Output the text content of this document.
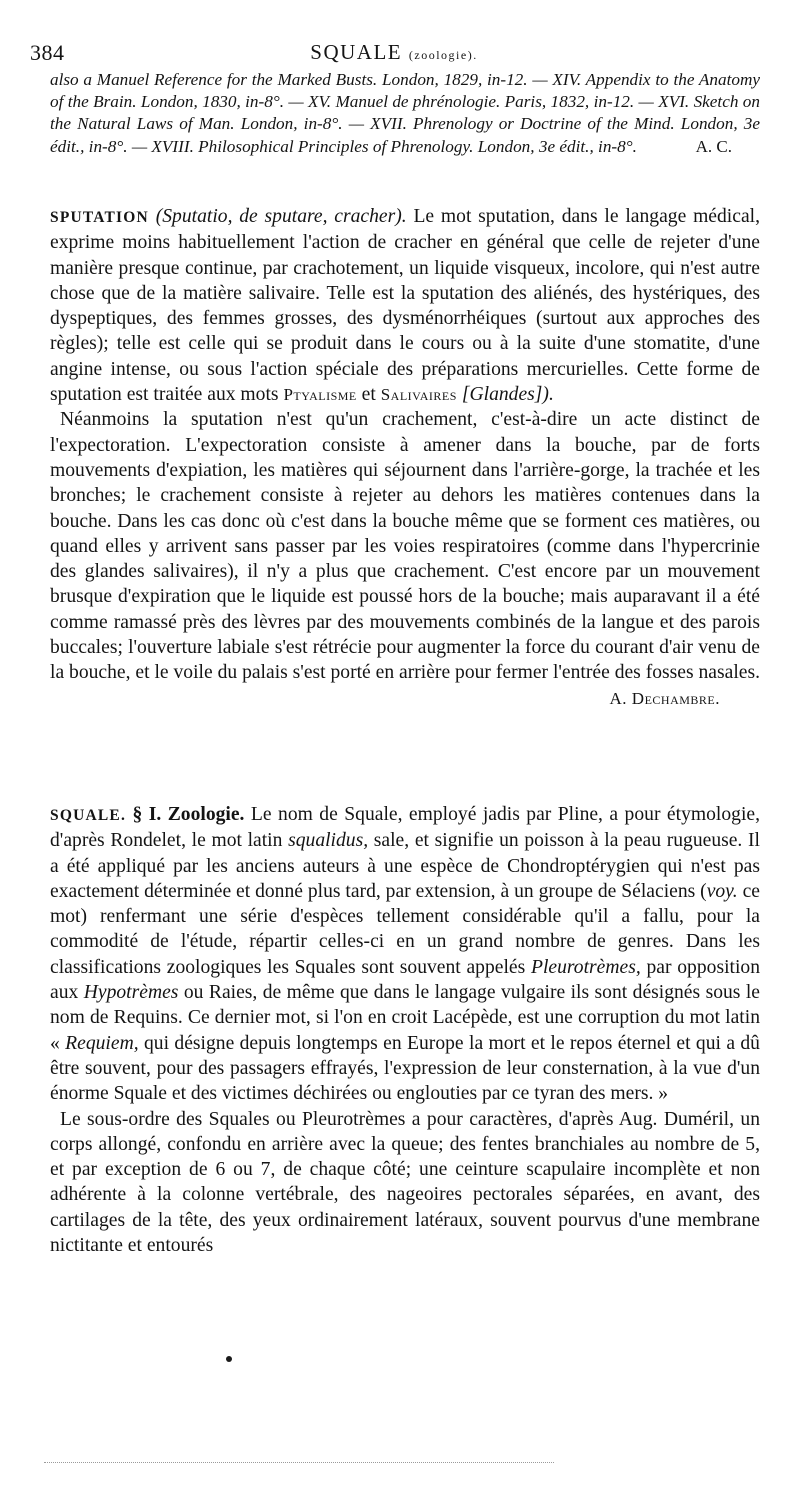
384	SQUALE (zoologie).
also a Manuel Reference for the Marked Busts. London, 1829, in-12. — XIV. Appendix to the Anatomy of the Brain. London, 1830, in-8°. — XV. Manuel de phrénologie. Paris, 1832, in-12. — XVI. Sketch on the Natural Laws of Man. London, in-8°. — XVII. Phrenology or Doctrine of the Mind. London, 3e édit., in-8°. — XVIII. Philosophical Principles of Phrenology. London, 3e édit., in-8°.	A. C.

SPUTATION (Sputatio, de sputare, cracher). Le mot sputation, dans le langage médical, exprime moins habituellement l'action de cracher en général que celle de rejeter d'une manière presque continue, par crachotement, un liquide visqueux, incolore, qui n'est autre chose que de la matière salivaire. Telle est la sputation des aliénés, des hystériques, des dyspeptiques, des femmes grosses, des dysménorrhéiques (surtout aux approches des règles); telle est celle qui se produit dans le cours ou à la suite d'une stomatite, d'une angine intense, ou sous l'action spéciale des préparations mercurielles. Cette forme de sputation est traitée aux mots Ptyalisme et Salivaires [Glandes]).

Néanmoins la sputation n'est qu'un crachement, c'est-à-dire un acte distinct de l'expectoration. L'expectoration consiste à amener dans la bouche, par de forts mouvements d'expiation, les matières qui séjournent dans l'arrière-gorge, la trachée et les bronches; le crachement consiste à rejeter au dehors les matières contenues dans la bouche. Dans les cas donc où c'est dans la bouche même que se forment ces matières, ou quand elles y arrivent sans passer par les voies respiratoires (comme dans l'hypercrinie des glandes salivaires), il n'y a plus que crachement. C'est encore par un mouvement brusque d'expiration que le liquide est poussé hors de la bouche; mais auparavant il a été comme ramassé près des lèvres par des mouvements combinés de la langue et des parois buccales; l'ouverture labiale s'est rétrécie pour augmenter la force du courant d'air venu de la bouche, et le voile du palais s'est porté en arrière pour fermer l'entrée des fosses nasales.
A. Dechambre.

SQUALE. § I. Zoologie. Le nom de Squale, employé jadis par Pline, a pour étymologie, d'après Rondelet, le mot latin squalidus, sale, et signifie un poisson à la peau rugueuse. Il a été appliqué par les anciens auteurs à une espèce de Chondroptérygien qui n'est pas exactement déterminée et donné plus tard, par extension, à un groupe de Sélaciens (voy. ce mot) renfermant une série d'espèces tellement considérable qu'il a fallu, pour la commodité de l'étude, répartir celles-ci en un grand nombre de genres. Dans les classifications zoologiques les Squales sont souvent appelés Pleurotrèmes, par opposition aux Hypotrèmes ou Raies, de même que dans le langage vulgaire ils sont désignés sous le nom de Requins. Ce dernier mot, si l'on en croit Lacépède, est une corruption du mot latin « Requiem, qui désigne depuis longtemps en Europe la mort et le repos éternel et qui a dû être souvent, pour des passagers effrayés, l'expression de leur consternation, à la vue d'un énorme Squale et des victimes déchirées ou englouties par ce tyran des mers. »

Le sous-ordre des Squales ou Pleurotrèmes a pour caractères, d'après Aug. Duméril, un corps allongé, confondu en arrière avec la queue; des fentes branchiales au nombre de 5, et par exception de 6 ou 7, de chaque côté; une ceinture scapulaire incomplète et non adhérente à la colonne vertébrale, des nageoires pectorales séparées, en avant, des cartilages de la tête, des yeux ordinairement latéraux, souvent pourvus d'une membrane nictitante et entourés
